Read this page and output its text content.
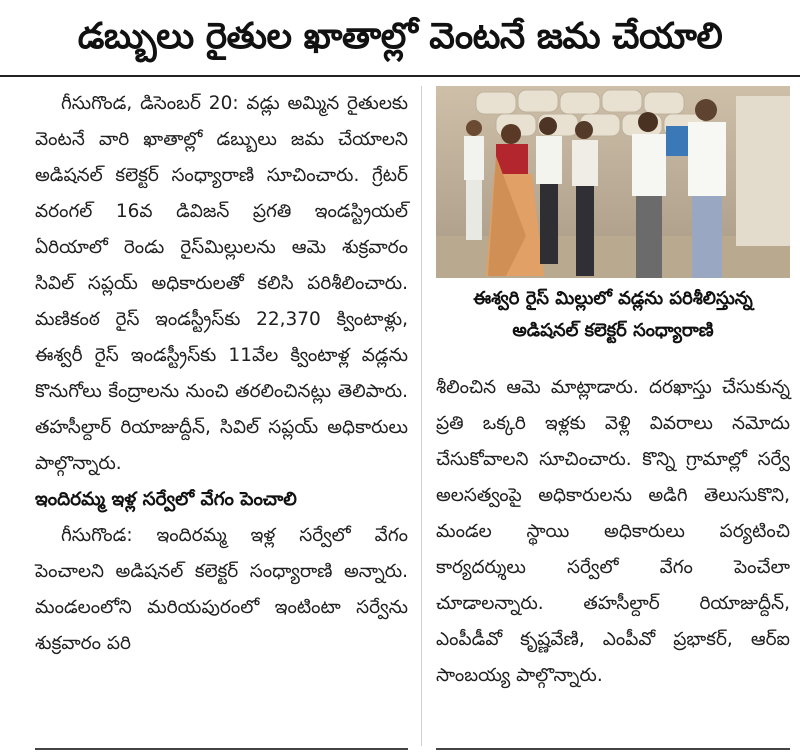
డబ్బులు రైతుల ఖాతాల్లో వెంటనే జమ చేయాలి

గీసుగొండ, డిసెంబర్ 20: వడ్లు అమ్మిన రైతులకు వెంటనే వారి ఖాతాల్లో డబ్బులు జమ చేయాలని అడిషనల్ కలెక్టర్ సంధ్యారాణి సూచించారు. గ్రేటర్ వరంగల్ 16వ డివిజన్ ప్రగతి ఇండస్ట్రియల్ ఏరియాలో రెండు రైస్‌మిల్లులను ఆమె శుక్రవారం సివిల్ సప్లయ్ అధికారులతో కలిసి పరిశీలించారు. మణికంఠ రైస్ ఇండస్ట్రీస్‌కు 22,370 క్వింటాళ్లు, ఈశ్వరీ రైస్ ఇండస్ట్రీస్‌కు 11వేల క్వింటాళ్ల వడ్లను కొనుగోలు కేంద్రాలను నుంచి తరలించినట్లు తెలిపారు. తహసీల్దార్ రియాజుద్దీన్, సివిల్ సప్లయ్ అధికారులు పాల్గొన్నారు.

ఇందిరమ్మ ఇళ్ల సర్వేలో వేగం పెంచాలి

గీసుగొండ: ఇందిరమ్మ ఇళ్ల సర్వేలో వేగం పెంచాలని అడిషనల్ కలెక్టర్ సంధ్యారాణి అన్నారు. మండలంలోని మరియపురంలో ఇంటింటా సర్వేను శుక్రవారం పరి

ఈశ్వరి రైస్ మిల్లులో వడ్లను పరిశీలిస్తున్న
అడిషనల్ కలెక్టర్ సంధ్యారాణి

శీలించిన ఆమె మాట్లాడారు. దరఖాస్తు చేసుకున్న ప్రతి ఒక్కరి ఇళ్లకు వెళ్లి వివరాలు నమోదు చేసుకోవాలని సూచించారు. కొన్ని గ్రామాల్లో సర్వే అలసత్వంపై అధికారులను అడిగి తెలుసుకొని, మండల స్థాయి అధికారులు పర్యటించి కార్యదర్శులు సర్వేలో వేగం పెంచేలా చూడాలన్నారు. తహసీల్దార్ రియాజుద్దీన్, ఎంపీడీవో కృష్ణవేణి, ఎంపీవో ప్రభాకర్, ఆర్ఐ సాంబయ్య పాల్గొన్నారు.
